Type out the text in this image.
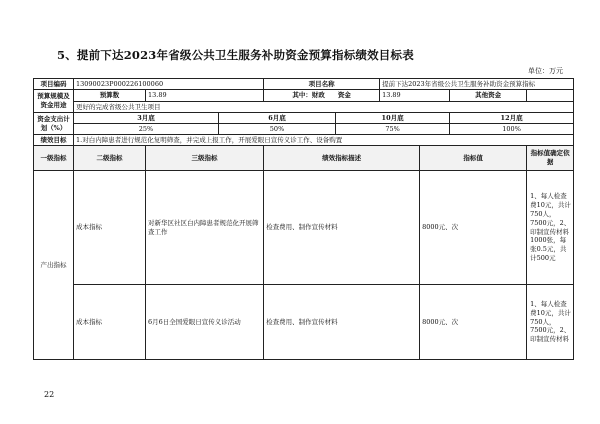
5、提前下达2023年省级公共卫生服务补助资金预算指标绩效目标表
单位：万元
项目编码	13090023P000226100060			项目名称		提前下达2023年省级公共卫生服务补助资金预算指标			
预算规模及资金用途	预算数	13.89		其中：财政　　资金		13.89		其他资金	
	更好的完成省级公共卫生项目								
资金支出计划（%）	3月底		6月底		10月底			12月底	
	25%		50%		75%			100%	
绩效目标	1.对白内障患者进行规范化复明筛查，并完成上报工作，开展爱眼日宣传义诊工作、设备购置								
一级指标	二级指标	三级指标		绩效指标描述			指标值		指标值确定依据
产出指标	成本指标	对新华区社区白内障患者规范化开展筛查工作		检查费用、制作宣传材料			8000元、次		1、每人检查费10元，共计750人，7500元，2、印制宣传材料1000张，每张0.5元，共计500元
	成本指标	6月6日全国爱眼日宣传义诊活动		检查费用、制作宣传材料			8000元、次		1、每人检查费10元，共计750人，7500元，2、印制宣传材料
22
